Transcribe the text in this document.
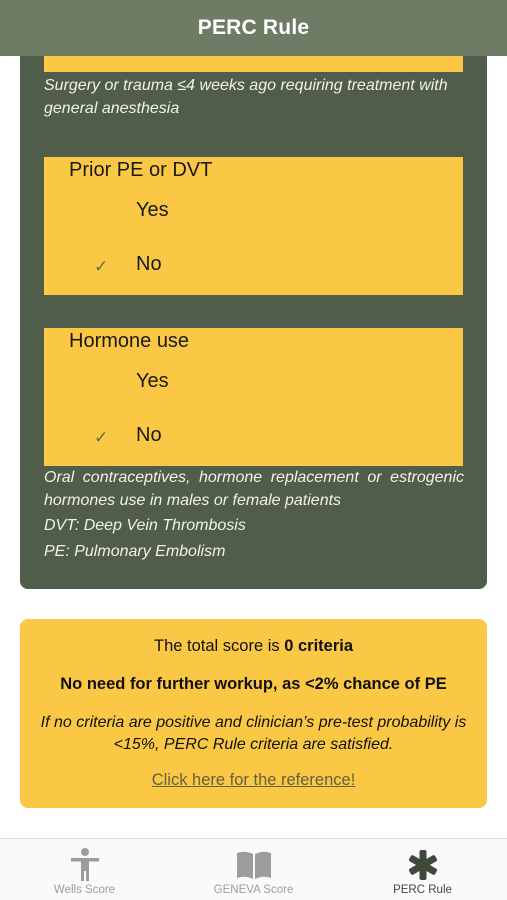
PERC Rule
Surgery or trauma ≤4 weeks ago requiring treatment with general anesthesia
Prior PE or DVT
Yes
✓ No
Hormone use
Yes
✓ No
Oral contraceptives, hormone replacement or estrogenic hormones use in males or female patients
DVT: Deep Vein Thrombosis
PE: Pulmonary Embolism
The total score is 0 criteria
No need for further workup, as <2% chance of PE
If no criteria are positive and clinician’s pre-test probability is <15%, PERC Rule criteria are satisfied.
Click here for the reference!
Wells Score	GENEVA Score	PERC Rule
